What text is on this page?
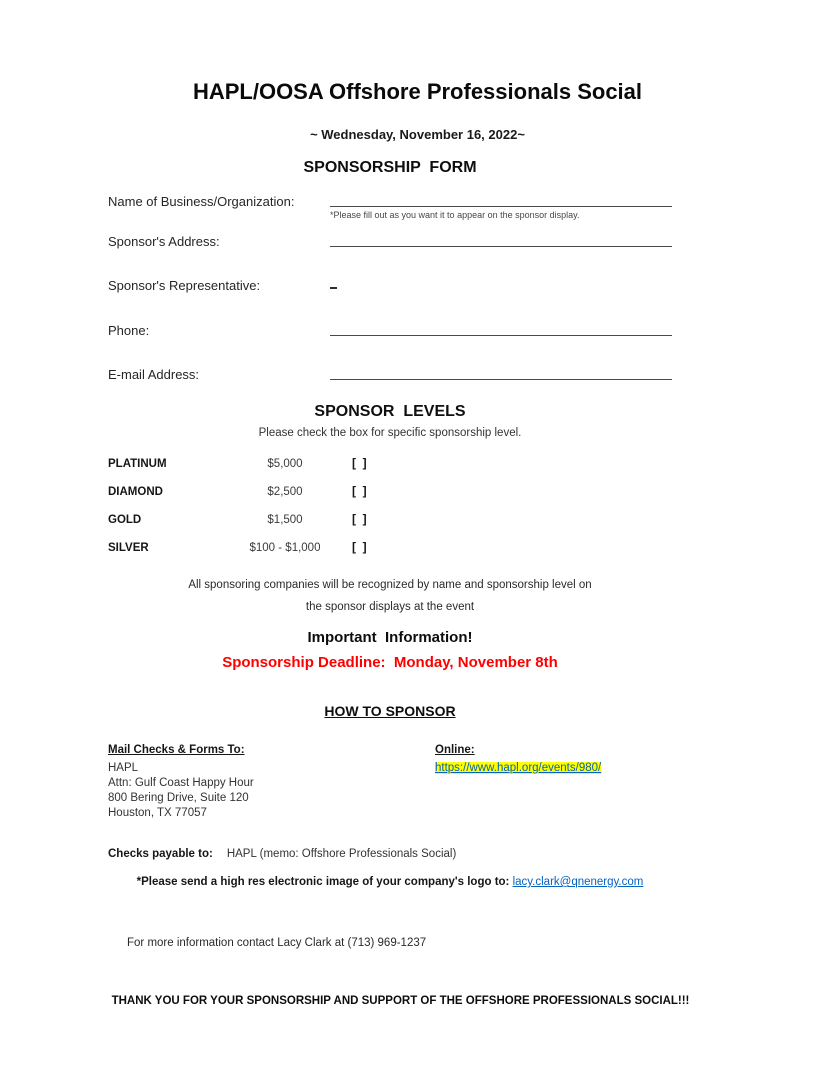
HAPL/OOSA Offshore Professionals Social
~ Wednesday, November 16, 2022~
SPONSORSHIP  FORM
Name of Business/Organization:
*Please fill out as you want it to appear on the sponsor display.
Sponsor's Address:
Sponsor's Representative:
Phone:
E-mail Address:
SPONSOR  LEVELS
Please check the box for specific sponsorship level.
PLATINUM	$5,000	[  ]
DIAMOND	$2,500	[  ]
GOLD	$1,500	[  ]
SILVER	$100 - $1,000	[  ]
All sponsoring companies will be recognized by name and sponsorship level on
the sponsor displays at the event
Important  Information!
Sponsorship Deadline:  Monday, November 8th
HOW TO SPONSOR
Mail Checks & Forms To:
HAPL
Attn: Gulf Coast Happy Hour
800 Bering Drive, Suite 120
Houston, TX 77057
Online:
https://www.hapl.org/events/980/
Checks payable to: HAPL (memo: Offshore Professionals Social)
*Please send a high res electronic image of your company's logo to: lacy.clark@qnenergy.com
For more information contact Lacy Clark at (713) 969-1237
THANK YOU FOR YOUR SPONSORSHIP AND SUPPORT OF THE OFFSHORE PROFESSIONALS SOCIAL!!!
